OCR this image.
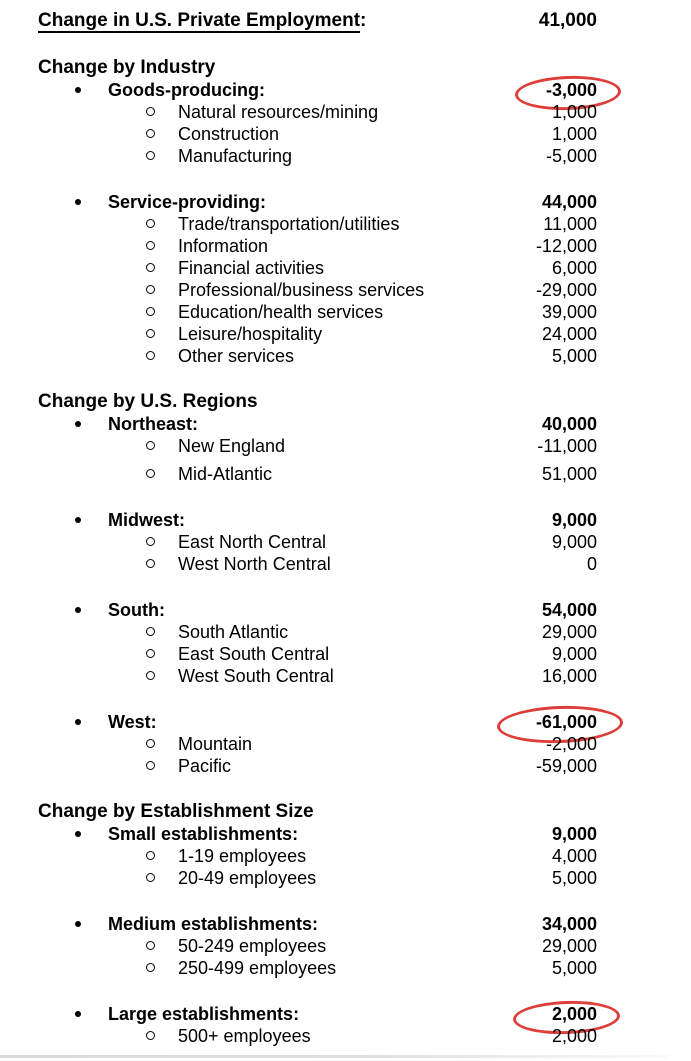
Change in U.S. Private Employment:	41,000
Change by Industry
Goods-producing:	-3,000
Natural resources/mining	1,000
Construction	1,000
Manufacturing	-5,000
Service-providing:	44,000
Trade/transportation/utilities	11,000
Information	-12,000
Financial activities	6,000
Professional/business services	-29,000
Education/health services	39,000
Leisure/hospitality	24,000
Other services	5,000
Change by U.S. Regions
Northeast:	40,000
New England	-11,000
Mid-Atlantic	51,000
Midwest:	9,000
East North Central	9,000
West North Central	0
South:	54,000
South Atlantic	29,000
East South Central	9,000
West South Central	16,000
West:	-61,000
Mountain	-2,000
Pacific	-59,000
Change by Establishment Size
Small establishments:	9,000
1-19 employees	4,000
20-49 employees	5,000
Medium establishments:	34,000
50-249 employees	29,000
250-499 employees	5,000
Large establishments:	2,000
500+ employees	2,000
